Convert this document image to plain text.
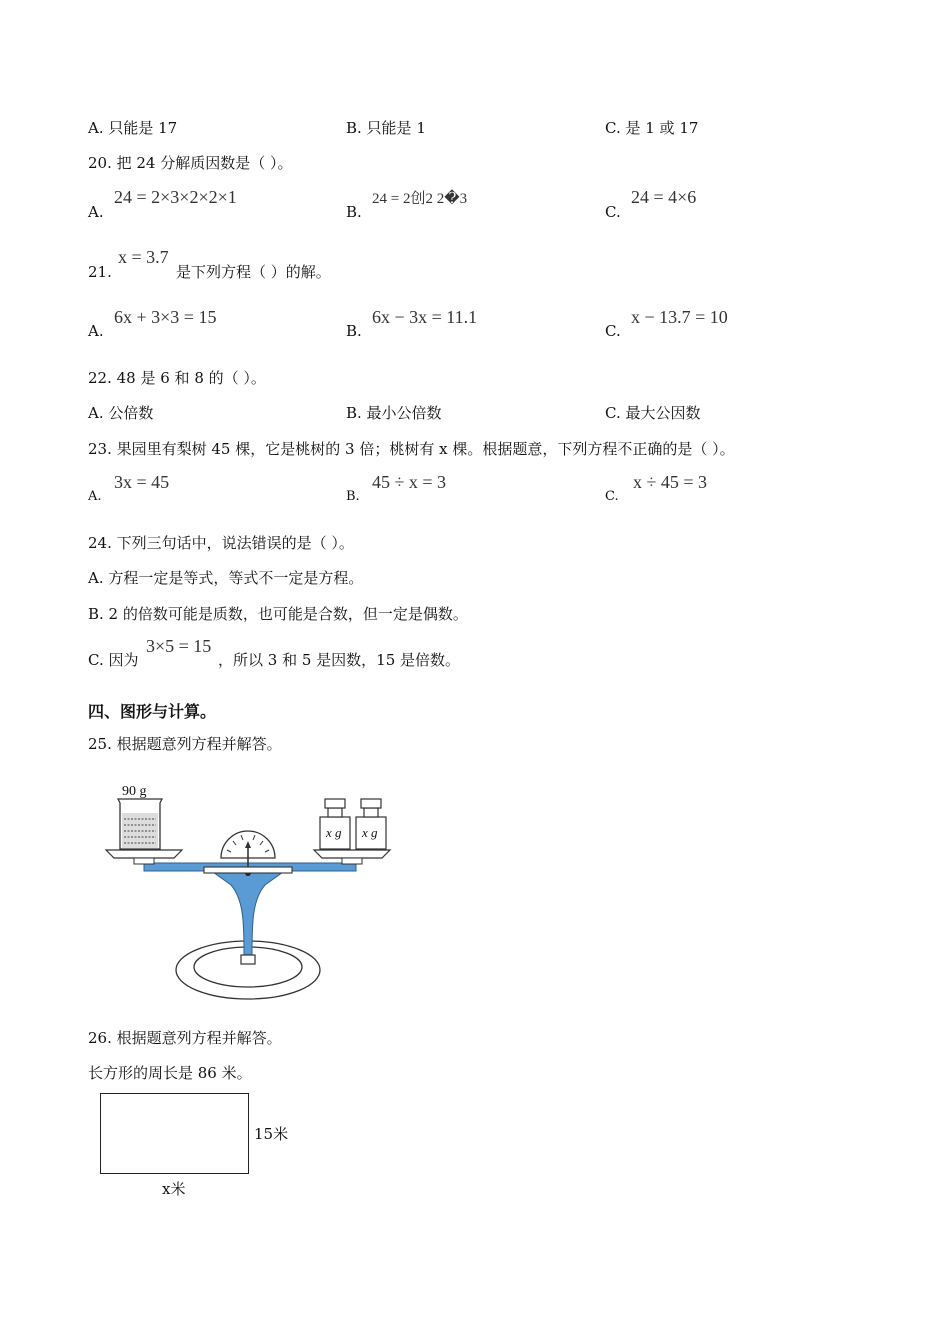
A. 只能是 17	B. 只能是 1	C. 是 1 或 17
20. 把 24 分解质因数是（ ）。
A.
24 = 2×3×2×2×1
B.
24 = 2创2 2�3
C.
24 = 4×6
21.
x = 3.7
是下列方程（ ）的解。
A.
6x + 3×3 = 15
B.
6x − 3x = 11.1
C.
x − 13.7 = 10
22. 48 是 6 和 8 的（ ）。
A. 公倍数	B. 最小公倍数	C. 最大公因数
23. 果园里有梨树 45 棵，它是桃树的 3 倍；桃树有 x 棵。根据题意，下列方程不正确的是（ ）。
A.
3x = 45
B.
45 ÷ x = 3
C.
x ÷ 45 = 3
24. 下列三句话中，说法错误的是（ ）。
A. 方程一定是等式，等式不一定是方程。
B. 2 的倍数可能是质数，也可能是合数，但一定是偶数。
C. 因为
3×5 = 15
，所以 3 和 5 是因数，15 是倍数。
四、图形与计算。
25. 根据题意列方程并解答。
90 g
x g x g
26. 根据题意列方程并解答。
长方形的周长是 86 米。
15米
x米
